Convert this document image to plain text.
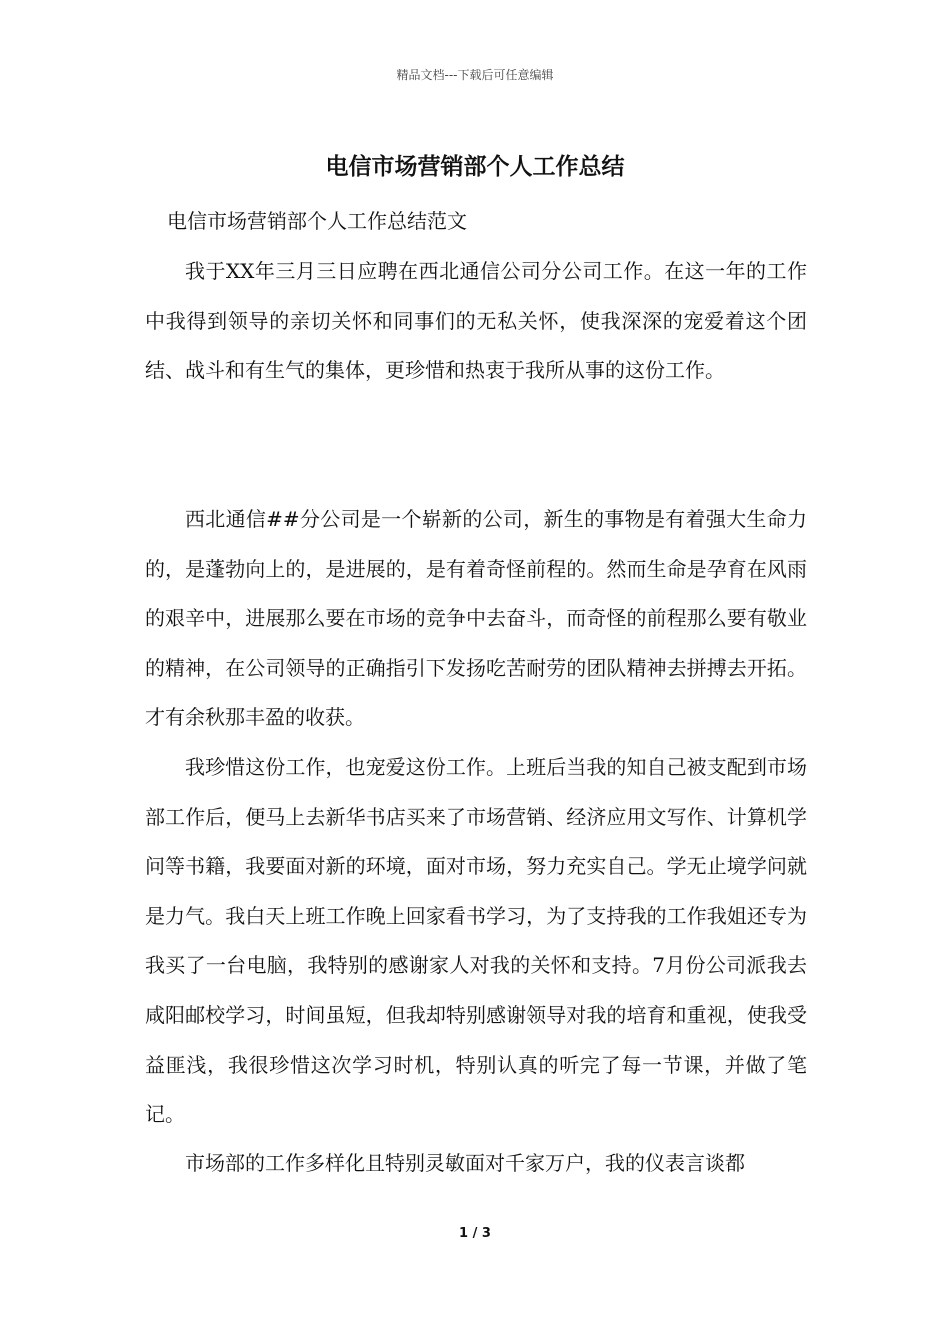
精品文档---下载后可任意编辑
电信市场营销部个人工作总结
电信市场营销部个人工作总结范文

我于XX年三月三日应聘在西北通信公司分公司工作。在这一年的工作中我得到领导的亲切关怀和同事们的无私关怀，使我深深的宠爱着这个团结、战斗和有生气的集体，更珍惜和热衷于我所从事的这份工作。

西北通信##分公司是一个崭新的公司，新生的事物是有着强大生命力的，是蓬勃向上的，是进展的，是有着奇怪前程的。然而生命是孕育在风雨的艰辛中，进展那么要在市场的竞争中去奋斗，而奇怪的前程那么要有敬业的精神，在公司领导的正确指引下发扬吃苦耐劳的团队精神去拼搏去开拓。才有余秋那丰盈的收获。

我珍惜这份工作，也宠爱这份工作。上班后当我的知自己被支配到市场部工作后，便马上去新华书店买来了市场营销、经济应用文写作、计算机学问等书籍，我要面对新的环境，面对市场，努力充实自己。学无止境学问就是力气。我白天上班工作晚上回家看书学习，为了支持我的工作我姐还专为我买了一台电脑，我特别的感谢家人对我的关怀和支持。7月份公司派我去咸阳邮校学习，时间虽短，但我却特别感谢领导对我的培育和重视，使我受益匪浅，我很珍惜这次学习时机，特别认真的听完了每一节课，并做了笔记。

市场部的工作多样化且特别灵敏面对千家万户，我的仪表言谈都

1 / 3
